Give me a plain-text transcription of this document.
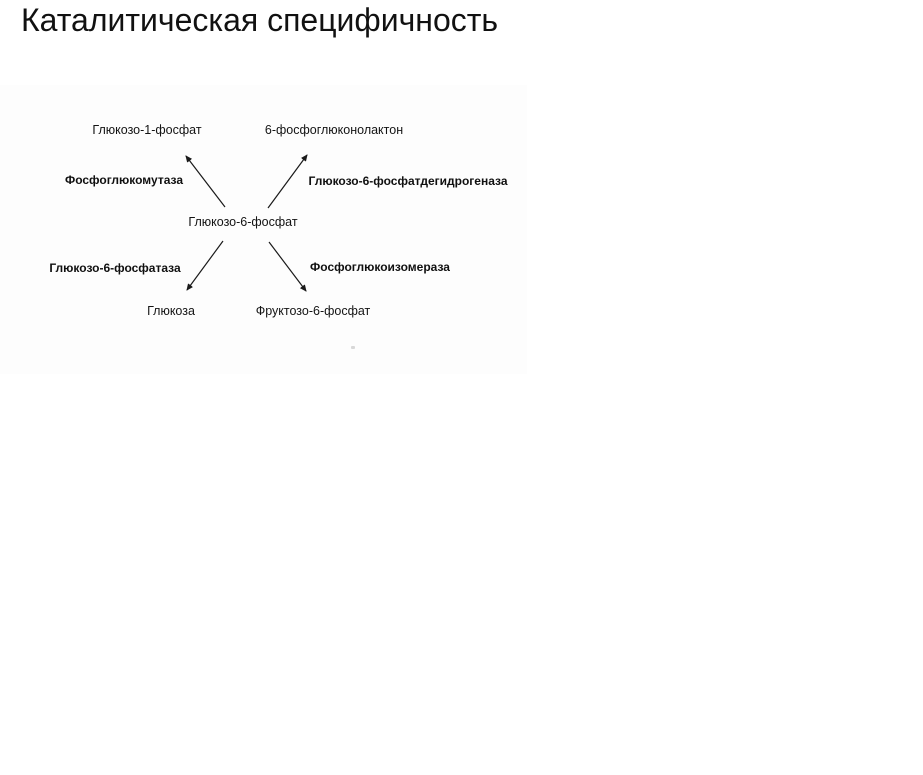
Каталитическая специфичность
Глюкозо-1-фосфат	6-фосфоглюконолактон
Фосфоглюкомутаза	Глюкозо-6-фосфатдегидрогеназа
Глюкозо-6-фосфат
Глюкозо-6-фосфатаза	Фосфоглюкоизомераза
Глюкоза	Фруктозо-6-фосфат
